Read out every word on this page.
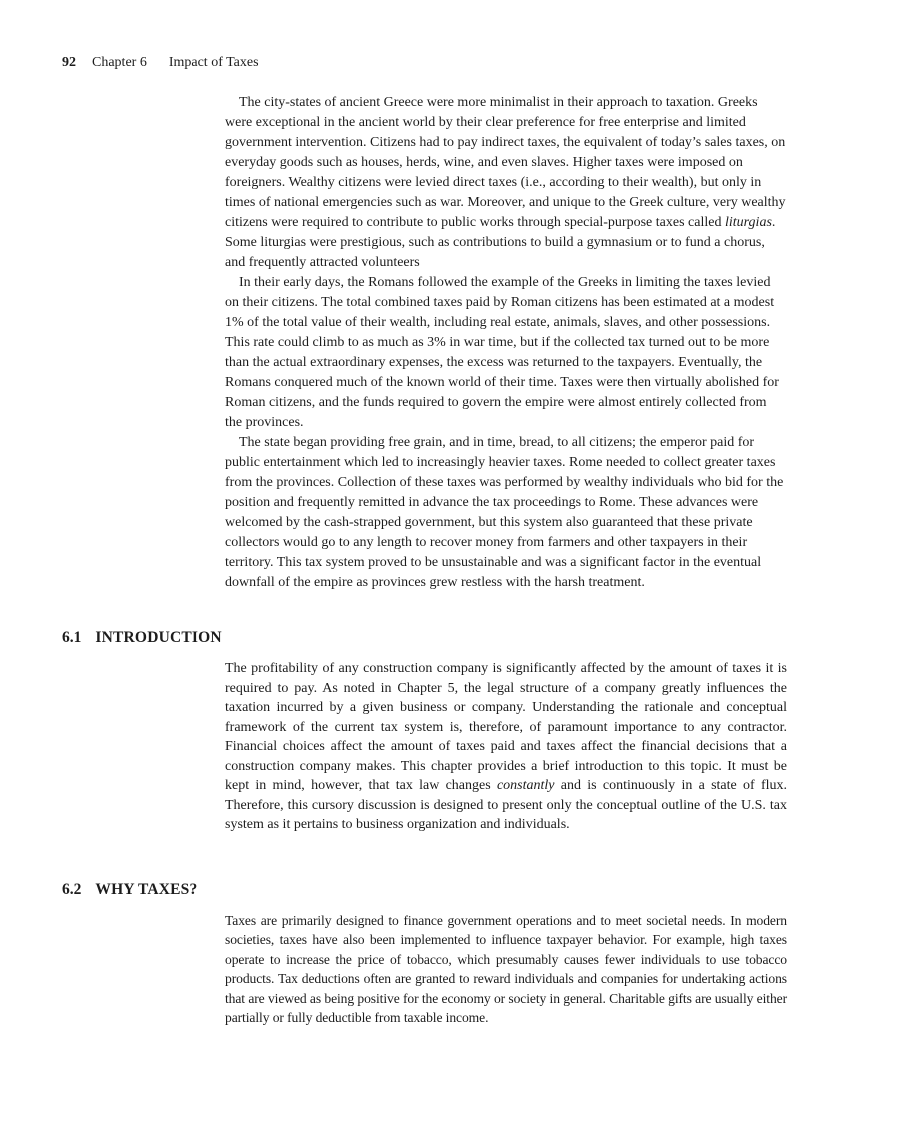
92 Chapter 6 Impact of Taxes

The city-states of ancient Greece were more minimalist in their approach to taxation. Greeks were exceptional in the ancient world by their clear preference for free enterprise and limited government intervention. Citizens had to pay indirect taxes, the equivalent of today’s sales taxes, on everyday goods such as houses, herds, wine, and even slaves. Higher taxes were imposed on foreigners. Wealthy citizens were levied direct taxes (i.e., according to their wealth), but only in times of national emergencies such as war. Moreover, and unique to the Greek culture, very wealthy citizens were required to contribute to public works through special-purpose taxes called liturgias. Some liturgias were prestigious, such as contributions to build a gymnasium or to fund a chorus, and frequently attracted volunteers

In their early days, the Romans followed the example of the Greeks in limiting the taxes levied on their citizens. The total combined taxes paid by Roman citizens has been estimated at a modest 1% of the total value of their wealth, including real estate, animals, slaves, and other possessions. This rate could climb to as much as 3% in war time, but if the collected tax turned out to be more than the actual extraordinary expenses, the excess was returned to the taxpayers. Eventually, the Romans conquered much of the known world of their time. Taxes were then virtually abolished for Roman citizens, and the funds required to govern the empire were almost entirely collected from the provinces.

The state began providing free grain, and in time, bread, to all citizens; the emperor paid for public entertainment which led to increasingly heavier taxes. Rome needed to collect greater taxes from the provinces. Collection of these taxes was performed by wealthy individuals who bid for the position and frequently remitted in advance the tax proceedings to Rome. These advances were welcomed by the cash-strapped government, but this system also guaranteed that these private collectors would go to any length to recover money from farmers and other taxpayers in their territory. This tax system proved to be unsustainable and was a significant factor in the eventual downfall of the empire as provinces grew restless with the harsh treatment.

6.1 INTRODUCTION

The profitability of any construction company is significantly affected by the amount of taxes it is required to pay. As noted in Chapter 5, the legal structure of a company greatly influences the taxation incurred by a given business or company. Understanding the rationale and conceptual framework of the current tax system is, therefore, of paramount importance to any contractor. Financial choices affect the amount of taxes paid and taxes affect the financial decisions that a construction company makes. This chapter provides a brief introduction to this topic. It must be kept in mind, however, that tax law changes constantly and is continuously in a state of flux. Therefore, this cursory discussion is designed to present only the conceptual outline of the U.S. tax system as it pertains to business organization and individuals.

6.2 WHY TAXES?

Taxes are primarily designed to finance government operations and to meet societal needs. In modern societies, taxes have also been implemented to influence taxpayer behavior. For example, high taxes operate to increase the price of tobacco, which presumably causes fewer individuals to use tobacco products. Tax deductions often are granted to reward individuals and companies for undertaking actions that are viewed as being positive for the economy or society in general. Charitable gifts are usually either partially or fully deductible from taxable income.
